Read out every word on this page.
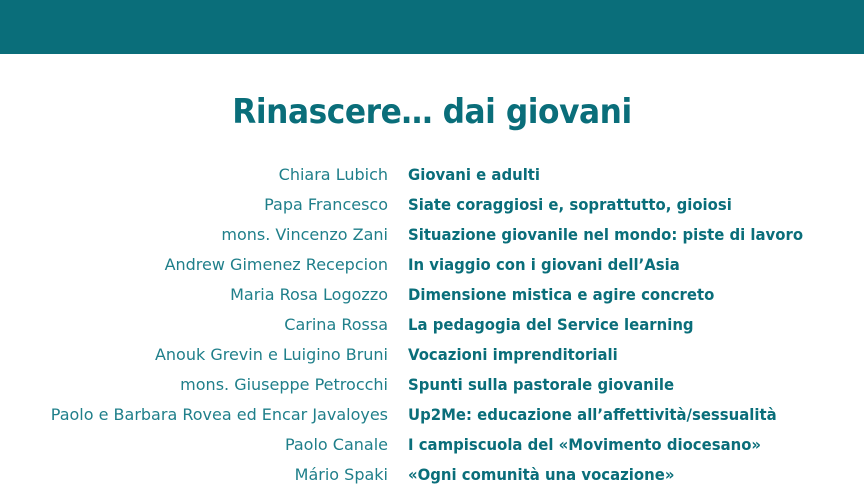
Rinascere… dai giovani
Chiara Lubich Giovani e adulti
Papa Francesco Siate coraggiosi e, soprattutto, gioiosi
mons. Vincenzo Zani Situazione giovanile nel mondo: piste di lavoro
Andrew Gimenez Recepcion In viaggio con i giovani dell’Asia
Maria Rosa Logozzo Dimensione mistica e agire concreto
Carina Rossa La pedagogia del Service learning
Anouk Grevin e Luigino Bruni Vocazioni imprenditoriali
mons. Giuseppe Petrocchi Spunti sulla pastorale giovanile
Paolo e Barbara Rovea ed Encar Javaloyes Up2Me: educazione all’affettività/sessualità
Paolo Canale I campiscuola del «Movimento diocesano»
Mário Spaki «Ogni comunità una vocazione»
